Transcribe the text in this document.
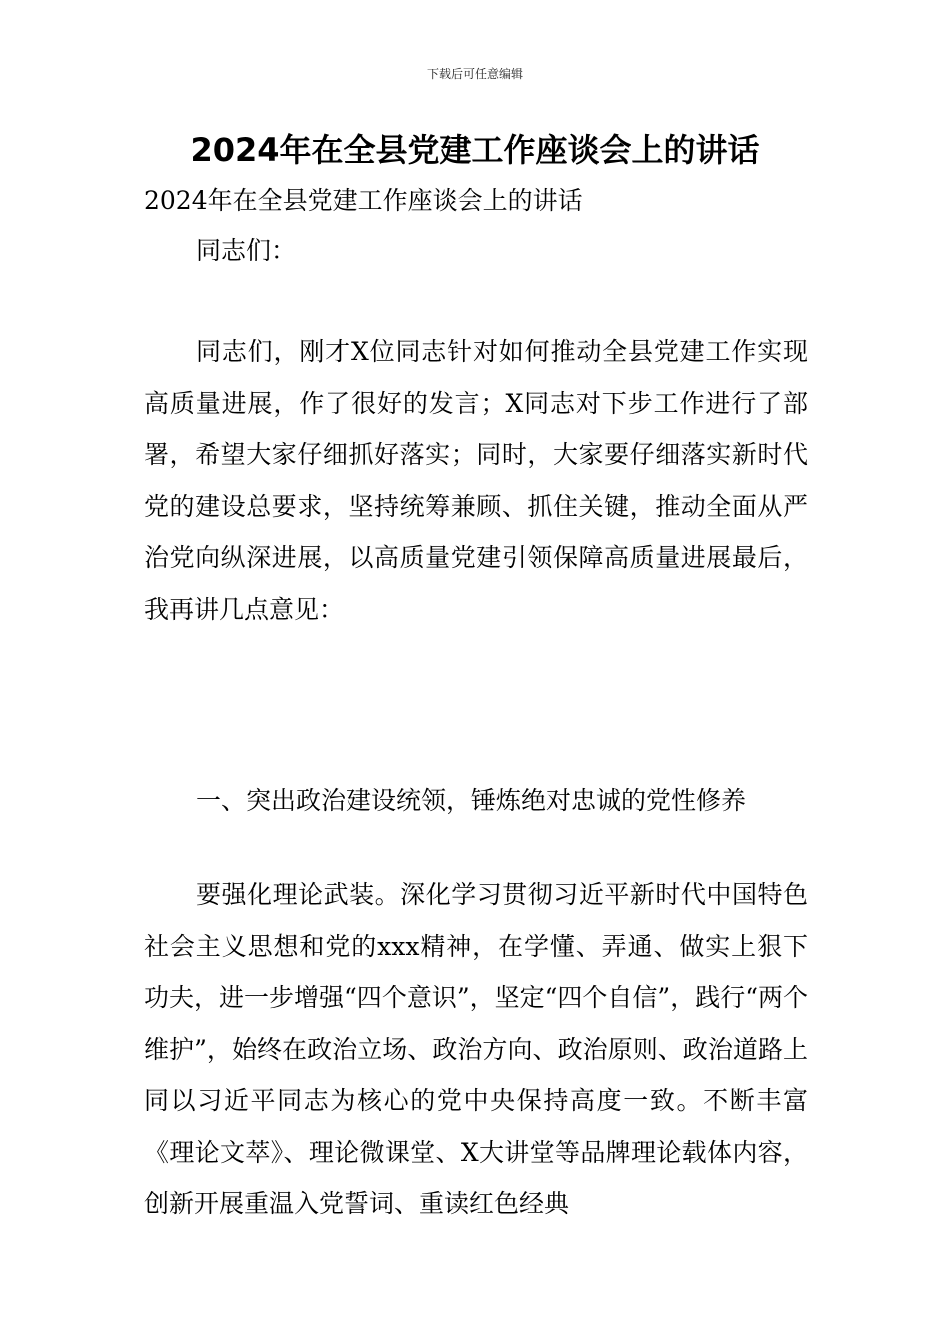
下载后可任意编辑
2024年在全县党建工作座谈会上的讲话

2024年在全县党建工作座谈会上的讲话

同志们：

同志们，刚才X位同志针对如何推动全县党建工作实现高质量进展，作了很好的发言；X同志对下步工作进行了部署，希望大家仔细抓好落实；同时，大家要仔细落实新时代党的建设总要求，坚持统筹兼顾、抓住关键，推动全面从严治党向纵深进展，以高质量党建引领保障高质量进展最后，我再讲几点意见：

一、突出政治建设统领，锤炼绝对忠诚的党性修养

要强化理论武装。深化学习贯彻习近平新时代中国特色社会主义思想和党的xxx精神，在学懂、弄通、做实上狠下功夫，进一步增强“四个意识”，坚定“四个自信”，践行“两个维护”，始终在政治立场、政治方向、政治原则、政治道路上同以习近平同志为核心的党中央保持高度一致。不断丰富《理论文萃》、理论微课堂、X大讲堂等品牌理论载体内容，创新开展重温入党誓词、重读红色经典
